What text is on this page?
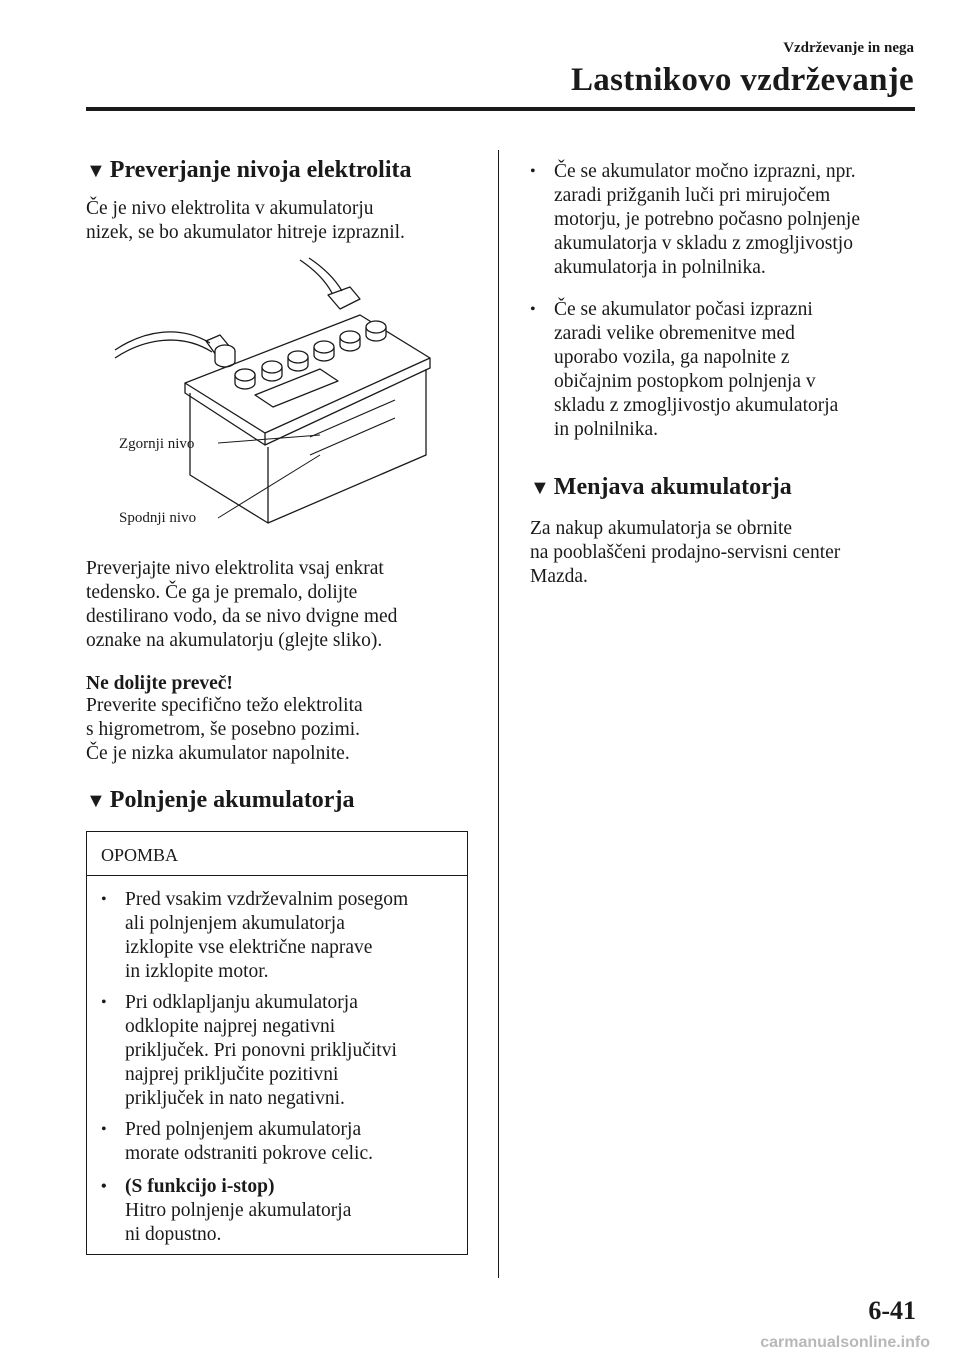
Vzdrževanje in nega
Lastnikovo vzdrževanje
▼ Preverjanje nivoja elektrolita
Če je nivo elektrolita v akumulatorju
nizek, se bo akumulator hitreje izpraznil.
Zgornji nivo
Spodnji nivo
Preverjajte nivo elektrolita vsaj enkrat
tedensko. Če ga je premalo, dolijte
destilirano vodo, da se nivo dvigne med
oznake na akumulatorju (glejte sliko).
Ne dolijte preveč!
Preverite specifično težo elektrolita
s higrometrom, še posebno pozimi.
Če je nizka akumulator napolnite.
▼ Polnjenje akumulatorja
OPOMBA
• Pred vsakim vzdrževalnim posegom
ali polnjenjem akumulatorja
izklopite vse električne naprave
in izklopite motor.
• Pri odklapljanju akumulatorja
odklopite najprej negativni
priključek. Pri ponovni priključitvi
najprej priključite pozitivni
priključek in nato negativni.
• Pred polnjenjem akumulatorja
morate odstraniti pokrove celic.
• (S funkcijo i-stop)
Hitro polnjenje akumulatorja
ni dopustno.
• Če se akumulator močno izprazni, npr.
zaradi prižganih luči pri mirujočem
motorju, je potrebno počasno polnjenje
akumulatorja v skladu z zmogljivostjo
akumulatorja in polnilnika.
• Če se akumulator počasi izprazni
zaradi velike obremenitve med
uporabo vozila, ga napolnite z
običajnim postopkom polnjenja v
skladu z zmogljivostjo akumulatorja
in polnilnika.
▼ Menjava akumulatorja
Za nakup akumulatorja se obrnite
na pooblaščeni prodajno-servisni center
Mazda.
6-41
carmanualsonline.info
